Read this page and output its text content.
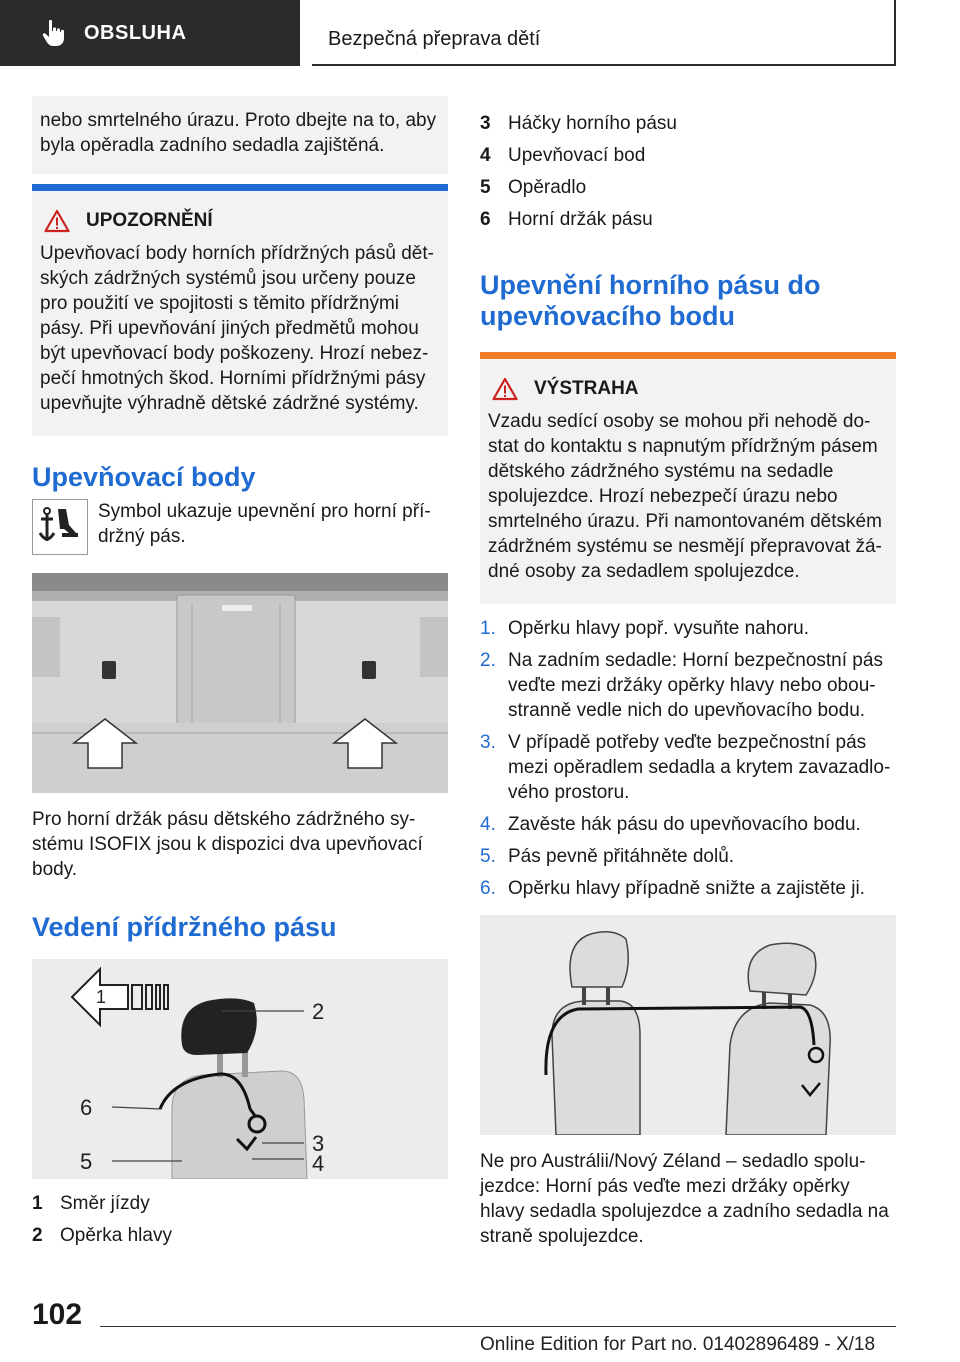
OBSLUHA	Bezpečná přeprava dětí

nebo smrtelného úrazu. Proto dbejte na to, aby byla opěradla zadního sedadla zajištěná.

UPOZORNĚNÍ

Upevňovací body horních přídržných pásů dět-ských zádržných systémů jsou určeny pouze pro použití ve spojitosti s těmito přídržnými pásy. Při upevňování jiných předmětů mohou být upevňovací body poškozeny. Hrozí nebez-pečí hmotných škod. Horními přídržnými pásy upevňujte výhradně dětské zádržné systémy.

Upevňovací body

Symbol ukazuje upevnění pro horní pří-držný pás.

Pro horní držák pásu dětského zádržného sy-stému ISOFIX jsou k dispozici dva upevňovací body.

Vedení přídržného pásu
1
2
3
4
5
6
1 Směr jízdy
2 Opěrka hlavy
3 Háčky horního pásu
4 Upevňovací bod
5 Opěradlo
6 Horní držák pásu
Upevnění horního pásu do upevňovacího bodu
VÝSTRAHA

Vzadu sedící osoby se mohou při nehodě do-stat do kontaktu s napnutým přídržným pásem dětského zádržného systému na sedadle spolujezdce. Hrozí nebezpečí úrazu nebo smrtelného úrazu. Při namontovaném dětském zádržném systému se nesmějí přepravovat žá-dné osoby za sedadlem spolujezdce.

1. Opěrku hlavy popř. vysuňte nahoru.
2. Na zadním sedadle: Horní bezpečnostní pás veďte mezi držáky opěrky hlavy nebo obou-stranně vedle nich do upevňovacího bodu.
3. V případě potřeby veďte bezpečnostní pás mezi opěradlem sedadla a krytem zavazadlo-vého prostoru.
4. Zavěste hák pásu do upevňovacího bodu.
5. Pás pevně přitáhněte dolů.
6. Opěrku hlavy případně snižte a zajistěte ji.

Ne pro Austrálii/Nový Zéland – sedadlo spolu-jezdce: Horní pás veďte mezi držáky opěrky hlavy sedadla spolujezdce a zadního sedadla na straně spolujezdce.

102
Online Edition for Part no. 01402896489 - X/18
